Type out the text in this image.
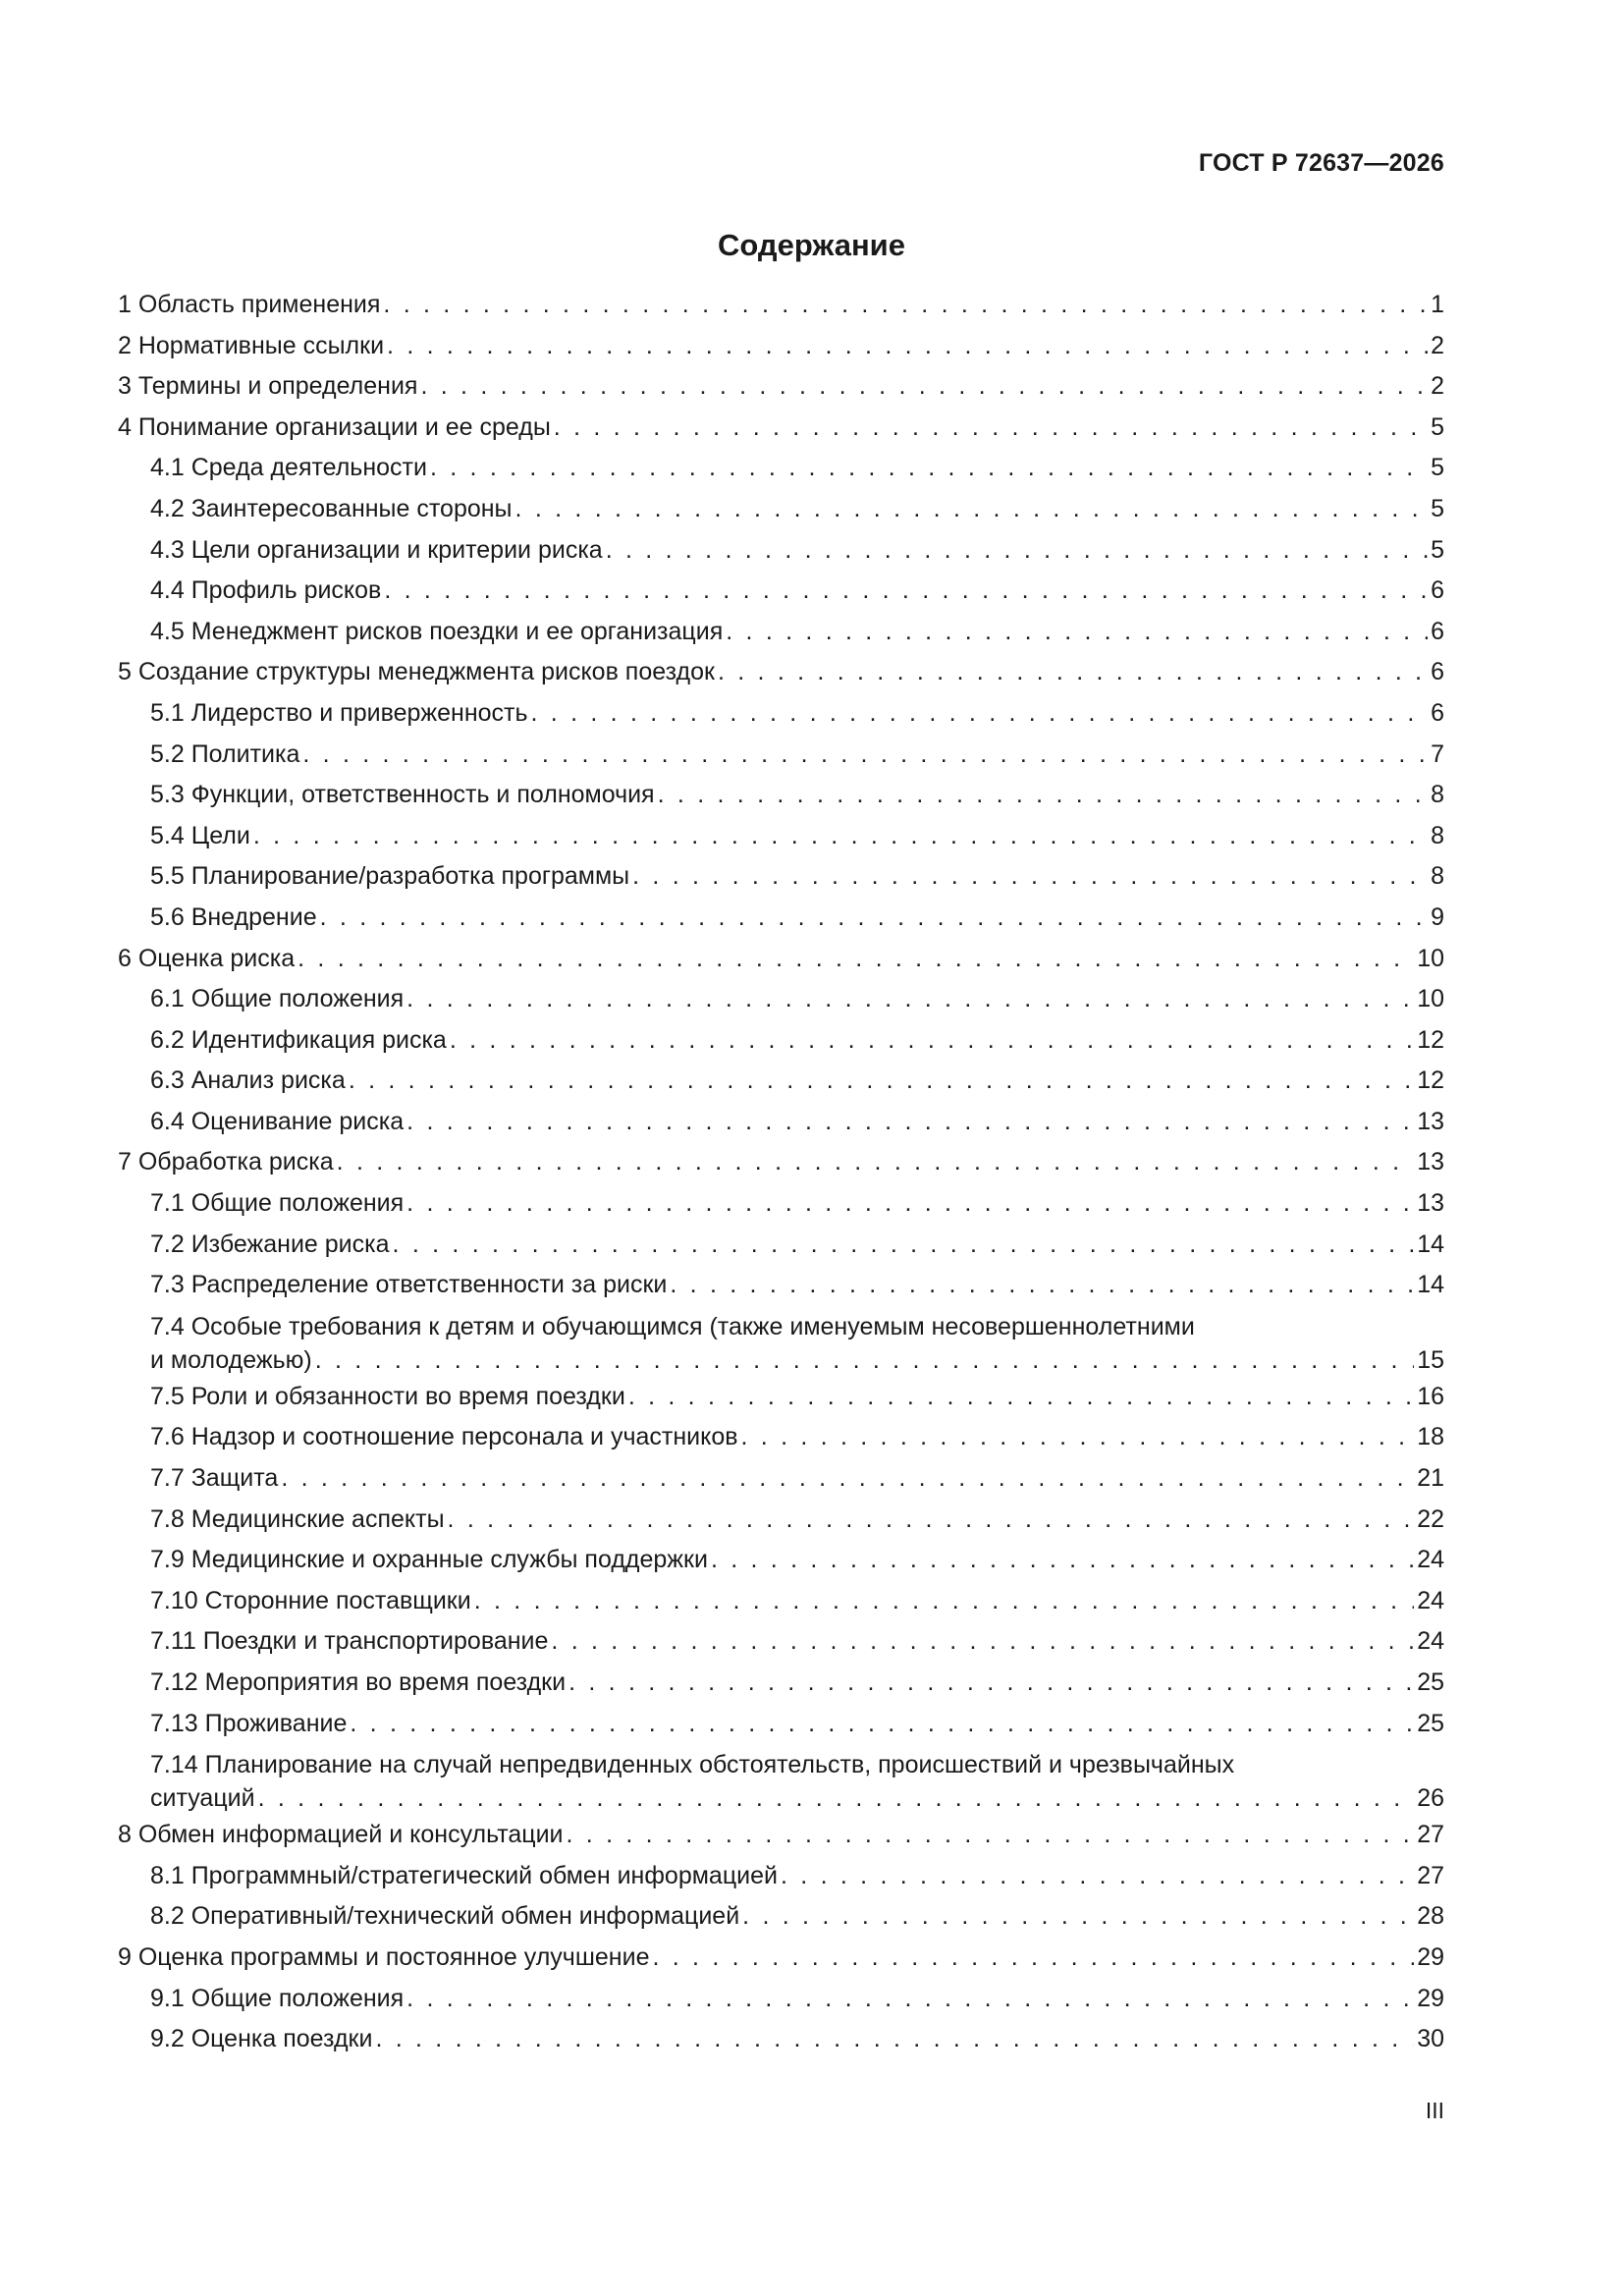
ГОСТ Р 72637—2026
Содержание
1 Область применения . . .	1
2 Нормативные ссылки . . .	2
3 Термины и определения . . .	2
4 Понимание организации и ее среды . . .	5
4.1 Среда деятельности . . .	5
4.2 Заинтересованные стороны . . .	5
4.3 Цели организации и критерии риска . . .	5
4.4 Профиль рисков . . .	6
4.5 Менеджмент рисков поездки и ее организация . . .	6
5 Создание структуры менеджмента рисков поездок . . .	6
5.1 Лидерство и приверженность . . .	6
5.2 Политика . . .	7
5.3 Функции, ответственность и полномочия . . .	8
5.4 Цели . . .	8
5.5 Планирование/разработка программы . . .	8
5.6 Внедрение . . .	9
6 Оценка риска . . .	10
6.1 Общие положения . . .	10
6.2 Идентификация риска . . .	12
6.3 Анализ риска . . .	12
6.4 Оценивание риска . . .	13
7 Обработка риска . . .	13
7.1 Общие положения . . .	13
7.2 Избежание риска . . .	14
7.3 Распределение ответственности за риски . . .	14
7.4 Особые требования к детям и обучающимся (также именуемым несовершеннолетними
и молодежью) . . .	15
7.5 Роли и обязанности во время поездки . . .	16
7.6 Надзор и соотношение персонала и участников . . .	18
7.7 Защита . . .	21
7.8 Медицинские аспекты . . .	22
7.9 Медицинские и охранные службы поддержки . . .	24
7.10 Сторонние поставщики . . .	24
7.11 Поездки и транспортирование . . .	24
7.12 Мероприятия во время поездки . . .	25
7.13 Проживание . . .	25
7.14 Планирование на случай непредвиденных обстоятельств, происшествий и чрезвычайных
ситуаций . . .	26
8 Обмен информацией и консультации . . .	27
8.1 Программный/стратегический обмен информацией . . .	27
8.2 Оперативный/технический обмен информацией . . .	28
9 Оценка программы и постоянное улучшение . . .	29
9.1 Общие положения . . .	29
9.2 Оценка поездки . . .	30
III
